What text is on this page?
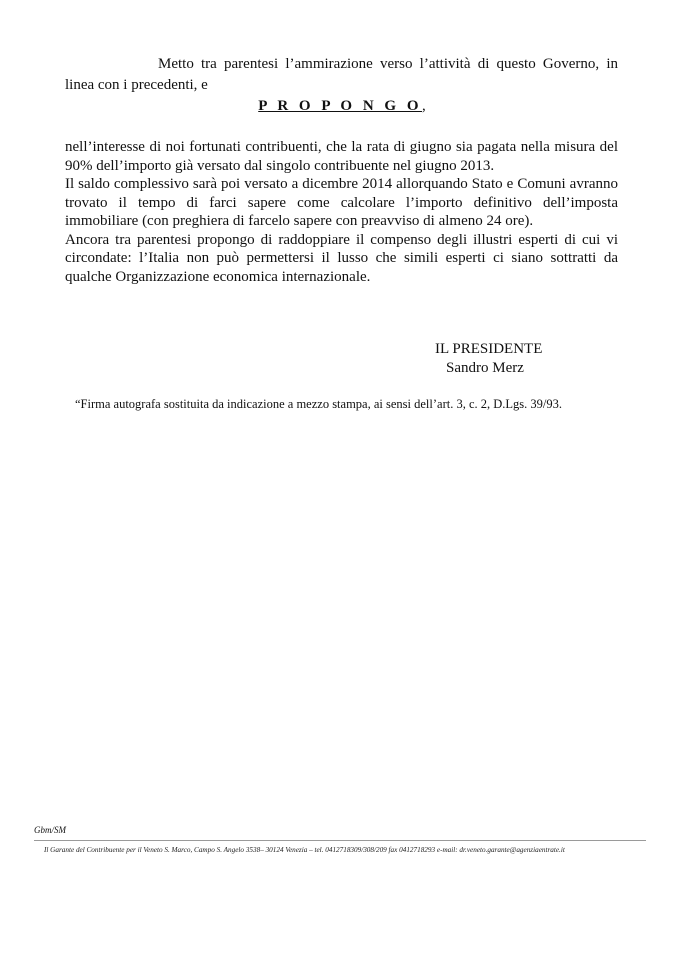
Metto tra parentesi l’ammirazione verso l’attività di questo Governo, in linea con i precedenti, e
P R O P O N G O,

nell’interesse di noi fortunati contribuenti, che la rata di giugno sia pagata nella misura del 90% dell’importo già versato dal singolo contribuente nel giugno 2013.

Il saldo complessivo sarà poi versato a dicembre 2014 allorquando Stato e Comuni avranno trovato il tempo di farci sapere come calcolare l’importo definitivo dell’imposta immobiliare (con preghiera di farcelo sapere con preavviso di almeno 24 ore).

Ancora tra parentesi propongo di raddoppiare il compenso degli illustri esperti di cui vi circondate: l’Italia non può permettersi il lusso che simili esperti ci siano sottratti da qualche Organizzazione economica internazionale.

IL PRESIDENTE
Sandro Merz
“Firma autografa sostituita da indicazione a mezzo stampa, ai sensi dell’art. 3, c. 2, D.Lgs. 39/93.
Gbm/SM
Il Garante del Contribuente per il Veneto S. Marco, Campo S. Angelo 3538– 30124 Venezia – tel. 0412718309/308/209 fax 0412718293 e-mail: dr.veneto.garante@agenziaentrate.it
